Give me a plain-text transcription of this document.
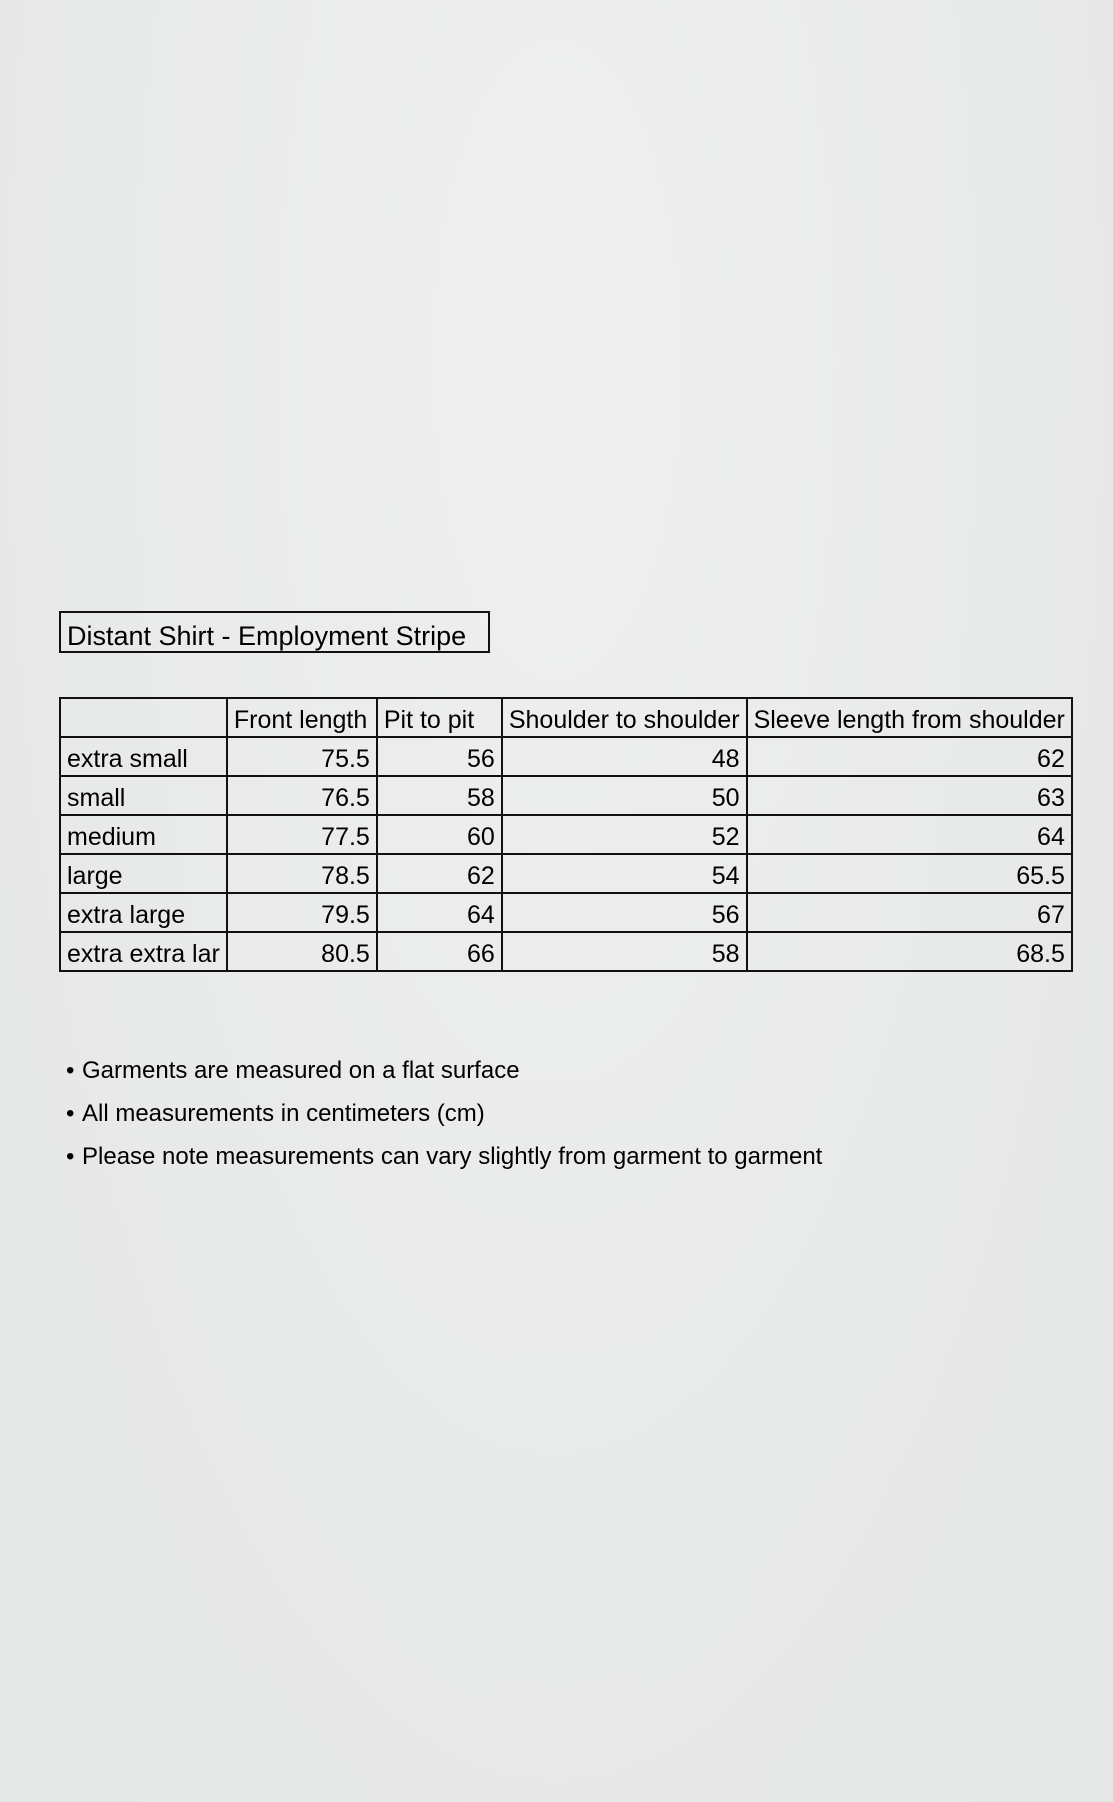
Distant Shirt - Employment Stripe
	Front length	Pit to pit	Shoulder to shoulder	Sleeve length from shoulder
extra small	75.5	56	48	62
small	76.5	58	50	63
medium	77.5	60	52	64
large	78.5	62	54	65.5
extra large	79.5	64	56	67
extra extra lar	80.5	66	58	68.5
• Garments are measured on a flat surface
• All measurements in centimeters (cm)
• Please note measurements can vary slightly from garment to garment
